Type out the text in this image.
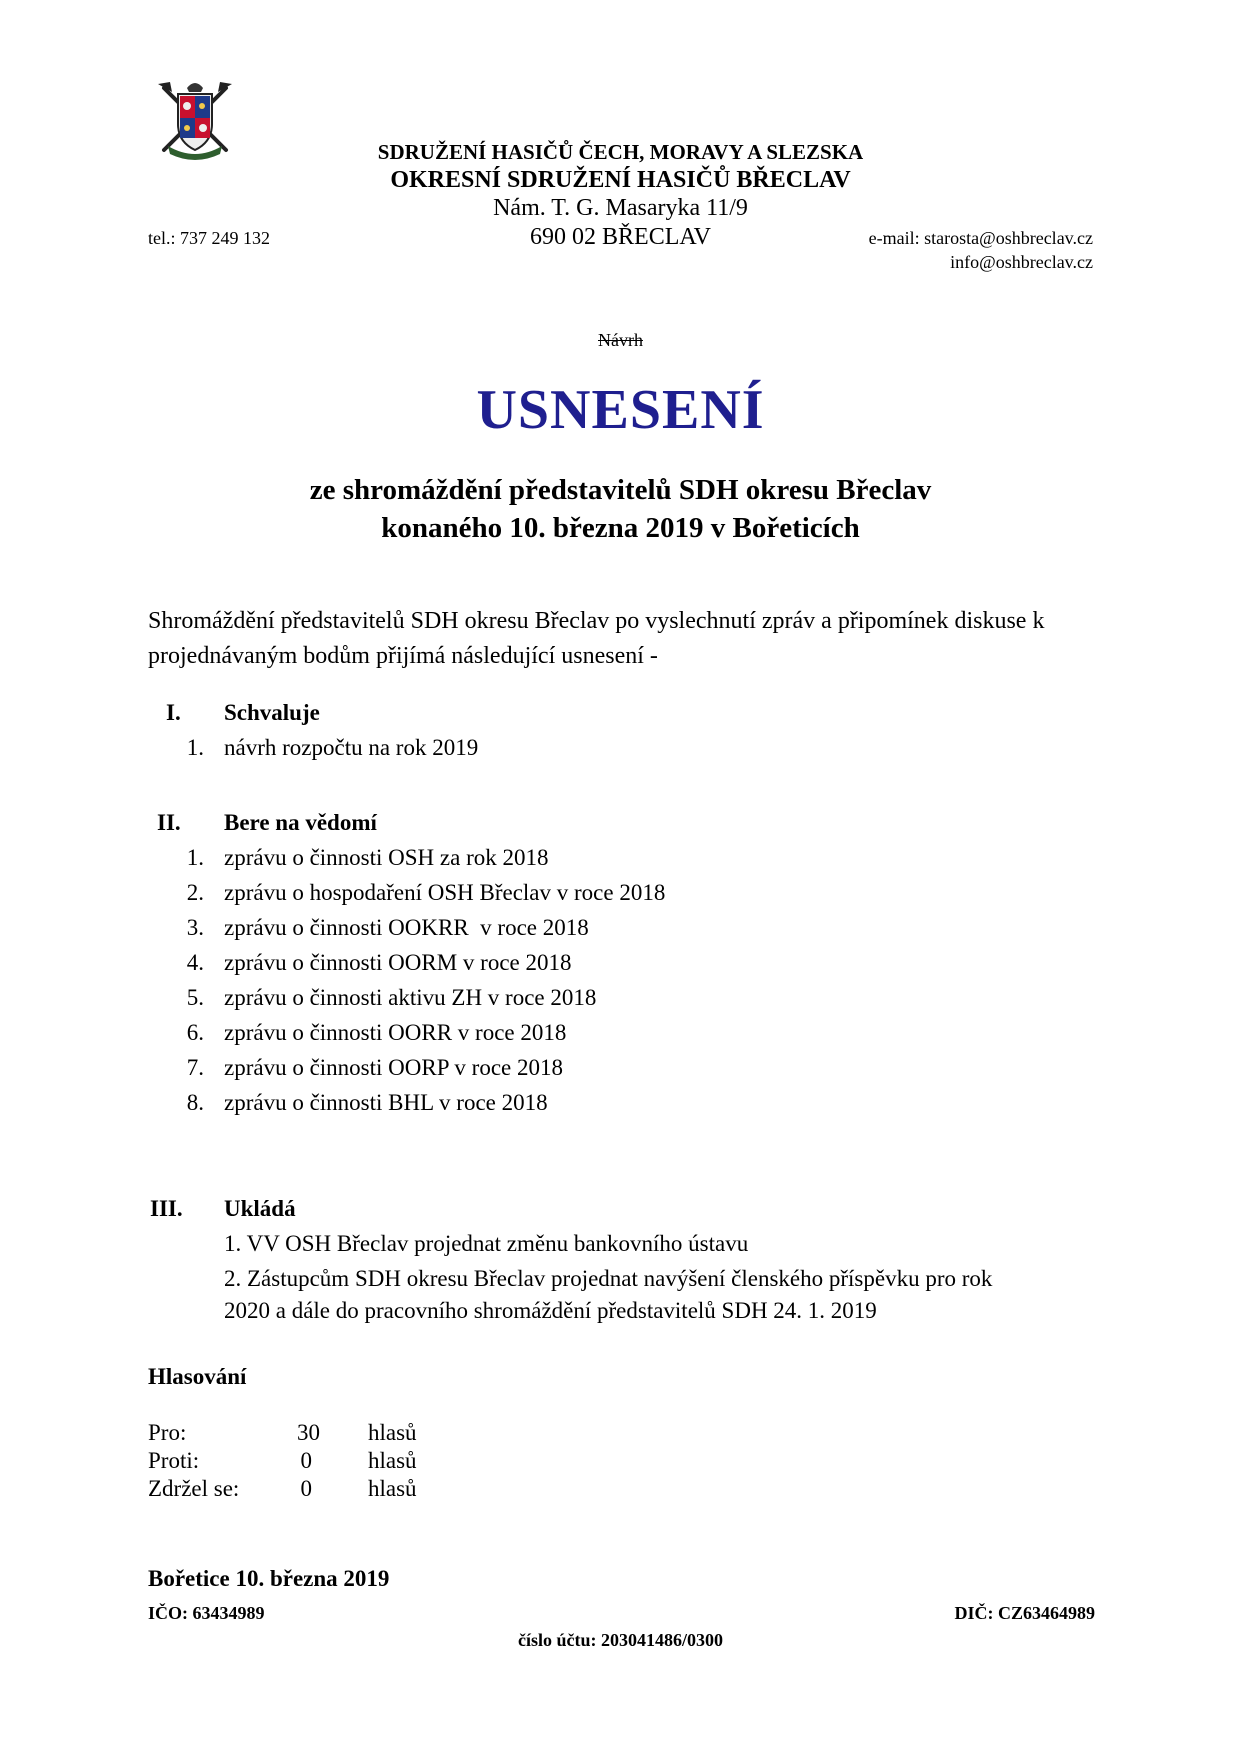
SDRUŽENÍ HASIČŮ ČECH, MORAVY A SLEZSKA
OKRESNÍ SDRUŽENÍ HASIČŮ BŘECLAV
Nám. T. G. Masaryka 11/9
690 02 BŘECLAV
tel.: 737 249 132	e-mail: starosta@oshbreclav.cz
info@oshbreclav.cz
Návrh
USNESENÍ
ze shromáždění představitelů SDH okresu Břeclav
konaného 10. března 2019 v Bořeticích
Shromáždění představitelů SDH okresu Břeclav po vyslechnutí zpráv a připomínek diskuse k projednávaným bodům přijímá následující usnesení -
I. Schvaluje
1. návrh rozpočtu na rok 2019
II. Bere na vědomí
1. zprávu o činnosti OSH za rok 2018
2. zprávu o hospodaření OSH Břeclav v roce 2018
3. zprávu o činnosti OOKRR  v roce 2018
4. zprávu o činnosti OORM v roce 2018
5. zprávu o činnosti aktivu ZH v roce 2018
6. zprávu o činnosti OORR v roce 2018
7. zprávu o činnosti OORP v roce 2018
8. zprávu o činnosti BHL v roce 2018
III. Ukládá
1. VV OSH Břeclav projednat změnu bankovního ústavu
2. Zástupcům SDH okresu Břeclav projednat navýšení členského příspěvku pro rok
2020 a dále do pracovního shromáždění představitelů SDH 24. 1. 2019
Hlasování
Pro:	30 hlasů
Proti:	0 hlasů
Zdržel se:	0 hlasů
Bořetice 10. března 2019
IČO: 63434989	DIČ: CZ63464989
číslo účtu: 203041486/0300
